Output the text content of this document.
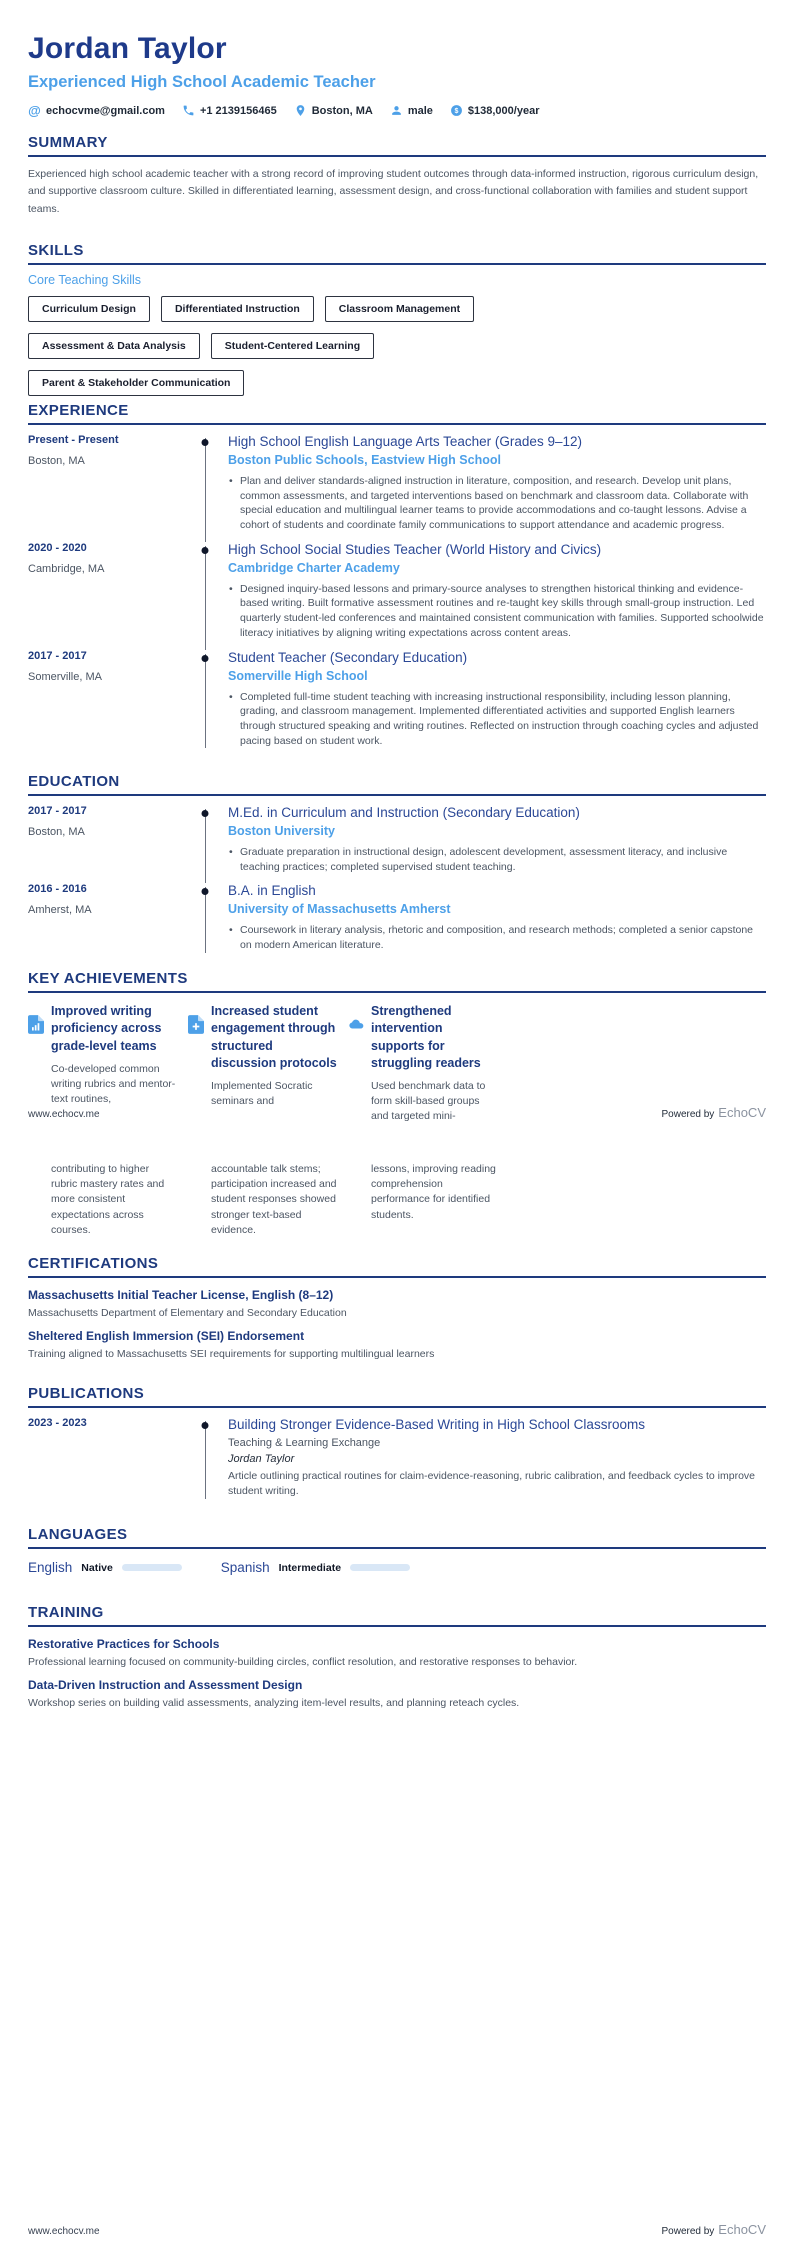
Jordan Taylor
Experienced High School Academic Teacher
@ echocvme@gmail.com	+1 2139156465	Boston, MA	male $ $138,000/year
SUMMARY
Experienced high school academic teacher with a strong record of improving student outcomes through data-informed instruction, rigorous curriculum design, and supportive classroom culture. Skilled in differentiated learning, assessment design, and cross-functional collaboration with families and student support teams.
SKILLS
Core Teaching Skills
Curriculum Design	Differentiated Instruction	Classroom Management
Assessment & Data Analysis	Student-Centered Learning
Parent & Stakeholder Communication
EXPERIENCE
Present - Present
Boston, MA
High School English Language Arts Teacher (Grades 9–12)
Boston Public Schools, Eastview High School
• Plan and deliver standards-aligned instruction in literature, composition, and research. Develop unit plans, common assessments, and targeted interventions based on benchmark and classroom data. Collaborate with special education and multilingual learner teams to provide accommodations and co-taught lessons. Advise a cohort of students and coordinate family communications to support attendance and academic progress.
2020 - 2020
Cambridge, MA
High School Social Studies Teacher (World History and Civics)
Cambridge Charter Academy
• Designed inquiry-based lessons and primary-source analyses to strengthen historical thinking and evidence-based writing. Built formative assessment routines and re-taught key skills through small-group instruction. Led quarterly student-led conferences and maintained consistent communication with families. Supported schoolwide literacy initiatives by aligning writing expectations across content areas.
2017 - 2017
Somerville, MA
Student Teacher (Secondary Education)
Somerville High School
• Completed full-time student teaching with increasing instructional responsibility, including lesson planning, grading, and classroom management. Implemented differentiated activities and supported English learners through structured speaking and writing routines. Reflected on instruction through coaching cycles and adjusted pacing based on student work.
EDUCATION
2017 - 2017
Boston, MA
M.Ed. in Curriculum and Instruction (Secondary Education)
Boston University
• Graduate preparation in instructional design, adolescent development, assessment literacy, and inclusive teaching practices; completed supervised student teaching.
2016 - 2016
Amherst, MA
B.A. in English
University of Massachusetts Amherst
• Coursework in literary analysis, rhetoric and composition, and research methods; completed a senior capstone on modern American literature.
KEY ACHIEVEMENTS
Improved writing proficiency across grade-level teams
Co-developed common writing rubrics and mentor-text routines,
Increased student engagement through structured discussion protocols
Implemented Socratic seminars and
Strengthened intervention supports for struggling readers
Used benchmark data to form skill-based groups and targeted mini-
www.echocv.me	Powered by EchoCV
contributing to higher rubric mastery rates and more consistent expectations across courses.
accountable talk stems; participation increased and student responses showed stronger text-based evidence.
lessons, improving reading comprehension performance for identified students.
CERTIFICATIONS
Massachusetts Initial Teacher License, English (8–12)
Massachusetts Department of Elementary and Secondary Education
Sheltered English Immersion (SEI) Endorsement
Training aligned to Massachusetts SEI requirements for supporting multilingual learners
PUBLICATIONS
2023 - 2023	Building Stronger Evidence-Based Writing in High School Classrooms
Teaching & Learning Exchange
Jordan Taylor
Article outlining practical routines for claim-evidence-reasoning, rubric calibration, and feedback cycles to improve student writing.
LANGUAGES
English Native	Spanish Intermediate
TRAINING
Restorative Practices for Schools
Professional learning focused on community-building circles, conflict resolution, and restorative responses to behavior.
Data-Driven Instruction and Assessment Design
Workshop series on building valid assessments, analyzing item-level results, and planning reteach cycles.
www.echocv.me	Powered by EchoCV
